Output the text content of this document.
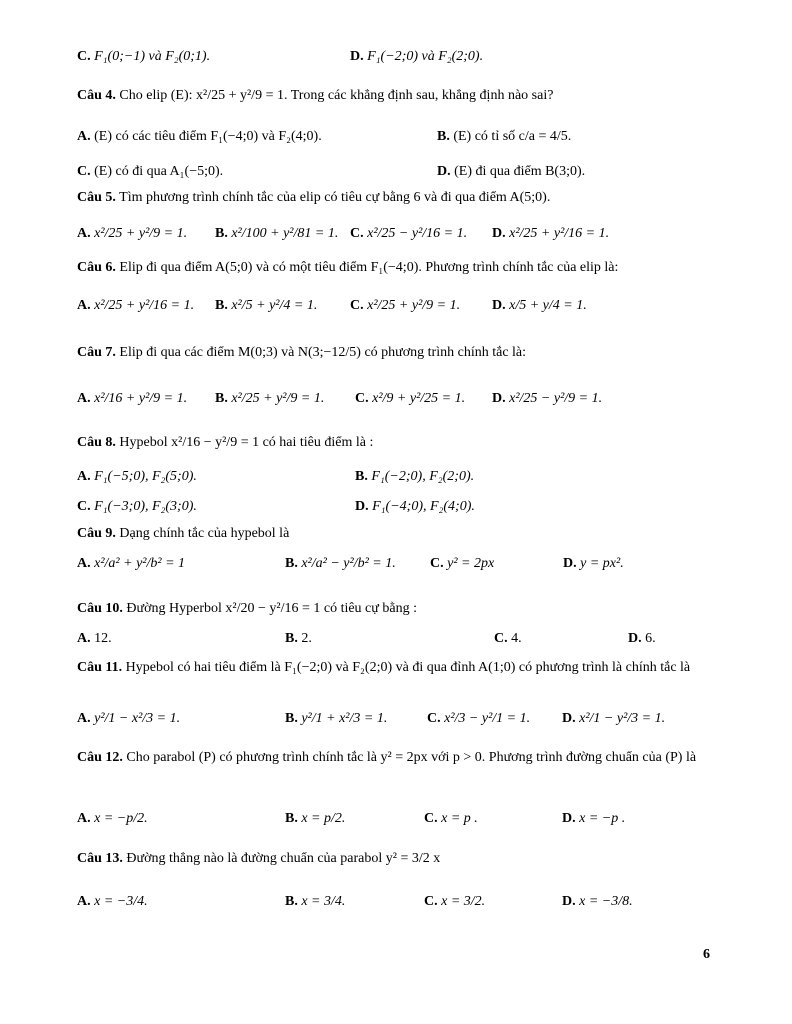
C. F₁(0;−1) và F₂(0;1).	D. F₁(−2;0) và F₂(2;0).
Câu 4. Cho elip (E): x²/25 + y²/9 = 1. Trong các khẳng định sau, khẳng định nào sai?
A. (E) có các tiêu điểm F₁(−4;0) và F₂(4;0).	B. (E) có tỉ số c/a = 4/5.
C. (E) có đi qua A₁(−5;0).	D. (E) đi qua điểm B(3;0).
Câu 5. Tìm phương trình chính tắc của elip có tiêu cự bằng 6 và đi qua điểm A(5;0).
A. x²/25 + y²/9 = 1. B. x²/100 + y²/81 = 1. C. x²/25 − y²/16 = 1. D. x²/25 + y²/16 = 1.
Câu 6. Elip đi qua điểm A(5;0) và có một tiêu điểm F₁(−4;0). Phương trình chính tắc của elip là:
A. x²/25 + y²/16 = 1. B. x²/5 + y²/4 = 1. C. x²/25 + y²/9 = 1. D. x/5 + y/4 = 1.
Câu 7. Elip đi qua các điểm M(0;3) và N(3;−12/5) có phương trình chính tắc là:
A. x²/16 + y²/9 = 1. B. x²/25 + y²/9 = 1. C. x²/9 + y²/25 = 1. D. x²/25 − y²/9 = 1.
Câu 8. Hypebol x²/16 − y²/9 = 1 có hai tiêu điểm là :
A. F₁(−5;0), F₂(5;0).	B. F₁(−2;0), F₂(2;0).
C. F₁(−3;0), F₂(3;0).	D. F₁(−4;0), F₂(4;0).
Câu 9. Dạng chính tắc của hypebol là
A. x²/a² + y²/b² = 1	B. x²/a² − y²/b² = 1. C. y² = 2px	D. y = px².
Câu 10. Đường Hyperbol x²/20 − y²/16 = 1 có tiêu cự bằng :
A. 12.	B. 2.	C. 4.	D. 6.
Câu 11. Hypebol có hai tiêu điểm là F₁(−2;0) và F₂(2;0) và đi qua đỉnh A(1;0) có phương trình là chính tắc là
A. y²/1 − x²/3 = 1.	B. y²/1 + x²/3 = 1.	C. x²/3 − y²/1 = 1. D. x²/1 − y²/3 = 1.
Câu 12. Cho parabol (P) có phương trình chính tắc là y² = 2px với p > 0. Phương trình đường chuẩn của (P) là
A. x = −p/2.	B. x = p/2.	C. x = p .	D. x = −p .
Câu 13. Đường thẳng nào là đường chuẩn của parabol y² = 3/2 x
A. x = −3/4.	B. x = 3/4.	C. x = 3/2.	D. x = −3/8.
6
